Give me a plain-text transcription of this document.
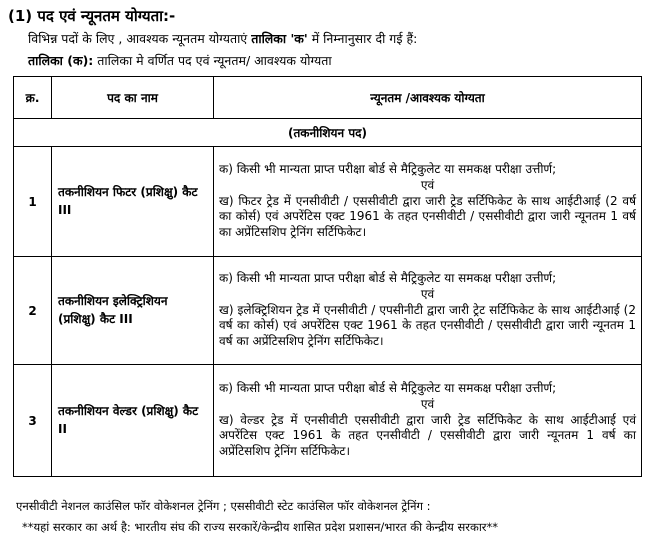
(1) पद एवं न्यूनतम योग्यता:-
विभिन्न पदों के लिए , आवश्यक न्यूनतम योग्यताएं तालिका 'क' में निम्नानुसार दी गई हैं:
तालिका (क): तालिका मे वर्णित पद एवं न्यूनतम/ आवश्यक योग्यता
क्र.	पद का नाम	न्यूनतम /आवश्यक योग्यता
(तकनीशियन पद)		
1	तकनीशियन फिटर (प्रशिक्षु) कैट III	क) किसी भी मान्यता प्राप्त परीक्षा बोर्ड से मैट्रिकुलेट या समकक्ष परीक्षा उत्तीर्ण;
एवं
ख) फिटर ट्रेड में एनसीवीटी / एससीवीटी द्वारा जारी ट्रेड सर्टिफिकेट के साथ आईटीआई (2 वर्ष का कोर्स) एवं अपरेंटिस एक्ट 1961 के तहत एनसीवीटी / एससीवीटी द्वारा जारी न्यूनतम 1 वर्ष का अप्रेंटिसशिप ट्रेनिंग सर्टिफिकेट।

2	तकनीशियन इलेक्ट्रिशियन (प्रशिक्षु) कैट III	क) किसी भी मान्यता प्राप्त परीक्षा बोर्ड से मैट्रिकुलेट या समकक्ष परीक्षा उत्तीर्ण;
एवं
ख) इलेक्ट्रिशियन ट्रेड में एनसीवीटी / एपसीनीटी द्वारा जारी ट्रेट सर्टिफिकेट के साथ आईटीआई (2 वर्ष का कोर्स) एवं अपरेंटिस एक्ट 1961 के तहत एनसीवीटी / एससीवीटी द्वारा जारी न्यूनतम 1 वर्ष का अप्रेंटिसशिप ट्रेनिंग सर्टिफिकेट।

3	तकनीशियन वेल्डर (प्रशिक्षु) कैट II	क) किसी भी मान्यता प्राप्त परीक्षा बोर्ड से मैट्रिकुलेट या समकक्ष परीक्षा उत्तीर्ण;
एवं
ख) वेल्डर ट्रेड में एनसीवीटी एससीवीटी द्वारा जारी ट्रेड सर्टिफिकेट के साथ आईटीआई एवं अपरेंटिस एक्ट 1961 के तहत एनसीवीटी / एससीवीटी द्वारा जारी न्यूनतम 1 वर्ष का अप्रेंटिसशिप ट्रेनिंग सर्टिफिकेट।
एनसीवीटी नेशनल काउंसिल फॉर वोकेशनल ट्रेनिंग ; एससीवीटी स्टेट काउंसिल फॉर वोकेशनल ट्रेनिंग :
**यहां सरकार का अर्थ है: भारतीय संघ की राज्य सरकारें/केन्द्रीय शासित प्रदेश प्रशासन/भारत की केन्द्रीय सरकार**
